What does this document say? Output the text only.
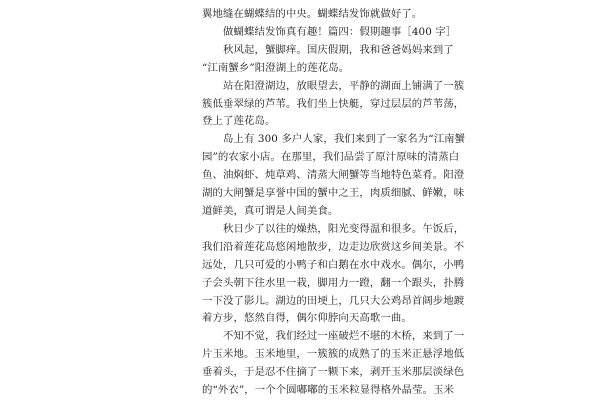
翼地缝在蝴蝶结的中央。蝴蝶结发饰就做好了。
做蝴蝶结发饰真有趣！篇四：假期趣事［400 字］
秋风起，蟹脚痒。国庆假期，我和爸爸妈妈来到了
“江南蟹乡”阳澄湖上的莲花岛。
站在阳澄湖边，放眼望去，平静的湖面上铺满了一簇
簇低垂翠绿的芦苇。我们坐上快艇，穿过层层的芦苇荡，
登上了莲花岛。
岛上有 300 多户人家，我们来到了一家名为“江南蟹
园”的农家小店。在那里，我们品尝了原汁原味的清蒸白
鱼、油焖虾、炖草鸡、清蒸大闸蟹等当地特色菜肴。阳澄
湖的大闸蟹是享誉中国的蟹中之王，肉质细腻、鲜嫩，味
道鲜美，真可谓是人间美食。
秋日少了以往的燥热，阳光变得温和很多。午饭后，
我们沿着莲花岛悠闲地散步，边走边欣赏这乡间美景。不
远处，几只可爱的小鸭子和白鹅在水中戏水。偶尔，小鸭
子会头朝下往水里一栽，脚用力一蹬，翻一个跟头，扑腾
一下没了影儿。湖边的田埂上，几只大公鸡昂首阔步地踱
着方步，悠然自得，偶尔仰脖向天高歌一曲。
不知不觉，我们经过一座破烂不堪的木桥，来到了一
片玉米地。玉米地里，一簇簇的成熟了的玉米正悬浮地低
垂着头，于是忍不住摘了一颗下来，剥开玉米那层淡绿色
的“外衣”，一个个圆嘟嘟的玉米粒显得格外晶莹。玉米
